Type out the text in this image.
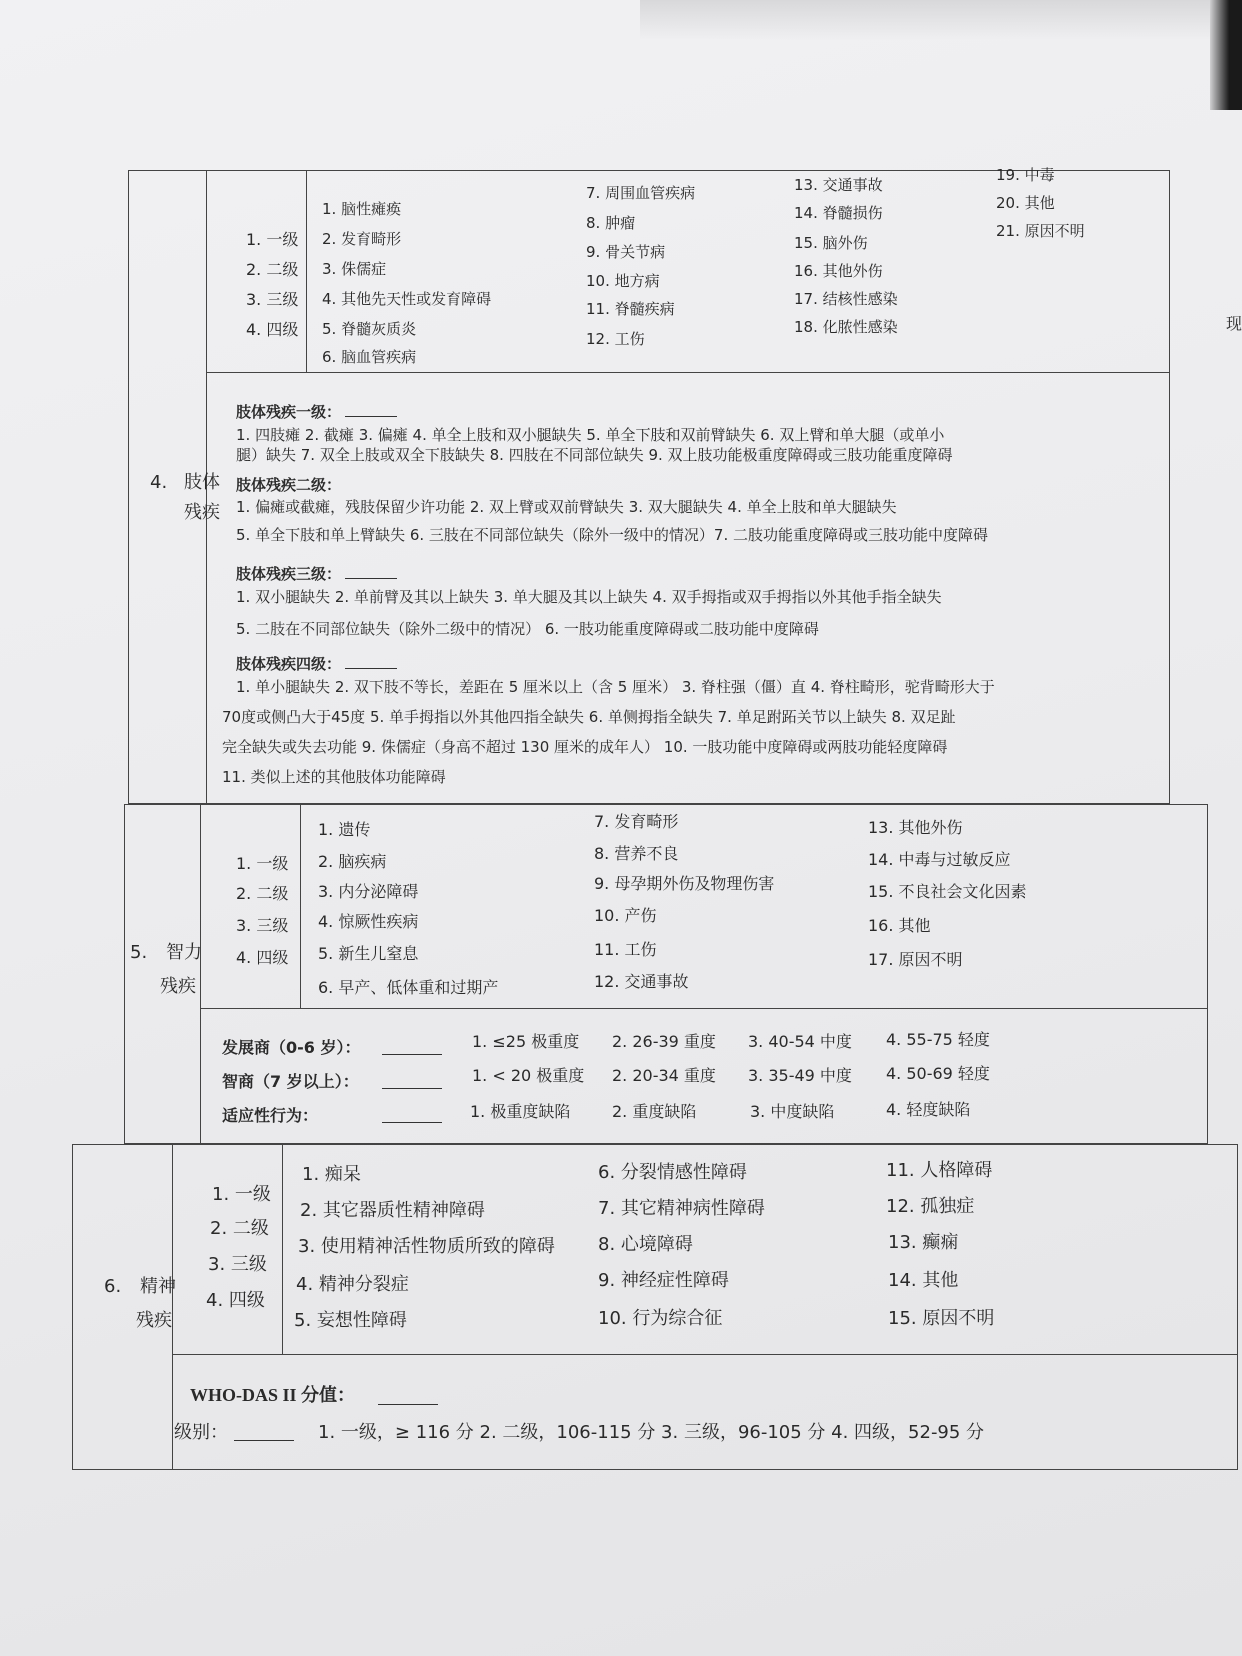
现
4. 肢体
残疾
1. 一级
2. 二级
3. 三级
4. 四级
1. 脑性瘫痪
2. 发育畸形
3. 侏儒症
4. 其他先天性或发育障碍
5. 脊髓灰质炎
6. 脑血管疾病
7. 周围血管疾病
8. 肿瘤
9. 骨关节病
10. 地方病
11. 脊髓疾病
12. 工伤
13. 交通事故
14. 脊髓损伤
15. 脑外伤
16. 其他外伤
17. 结核性感染
18. 化脓性感染
19. 中毒
20. 其他
21. 原因不明
肢体残疾一级：
1. 四肢瘫 2. 截瘫 3. 偏瘫 4. 单全上肢和双小腿缺失 5. 单全下肢和双前臂缺失 6. 双上臂和单大腿（或单小
腿）缺失 7. 双全上肢或双全下肢缺失 8. 四肢在不同部位缺失 9. 双上肢功能极重度障碍或三肢功能重度障碍
肢体残疾二级：
1. 偏瘫或截瘫，残肢保留少许功能 2. 双上臂或双前臂缺失 3. 双大腿缺失 4. 单全上肢和单大腿缺失
5. 单全下肢和单上臂缺失 6. 三肢在不同部位缺失（除外一级中的情况）7. 二肢功能重度障碍或三肢功能中度障碍
肢体残疾三级：
1. 双小腿缺失 2. 单前臂及其以上缺失 3. 单大腿及其以上缺失 4. 双手拇指或双手拇指以外其他手指全缺失
5. 二肢在不同部位缺失（除外二级中的情况） 6. 一肢功能重度障碍或二肢功能中度障碍
肢体残疾四级：
1. 单小腿缺失 2. 双下肢不等长，差距在 5 厘米以上（含 5 厘米） 3. 脊柱强（僵）直 4. 脊柱畸形，驼背畸形大于
70度或侧凸大于45度 5. 单手拇指以外其他四指全缺失 6. 单侧拇指全缺失 7. 单足跗跖关节以上缺失 8. 双足趾
完全缺失或失去功能 9. 侏儒症（身高不超过 130 厘米的成年人） 10. 一肢功能中度障碍或两肢功能轻度障碍
11. 类似上述的其他肢体功能障碍
5. 智力
残疾
1. 一级
2. 二级
3. 三级
4. 四级
1. 遗传
2. 脑疾病
3. 内分泌障碍
4. 惊厥性疾病
5. 新生儿窒息
6. 早产、低体重和过期产
7. 发育畸形
8. 营养不良
9. 母孕期外伤及物理伤害
10. 产伤
11. 工伤
12. 交通事故
13. 其他外伤
14. 中毒与过敏反应
15. 不良社会文化因素
16. 其他
17. 原因不明
发展商（0-6 岁）：	1. ≤25 极重度 2. 26-39 重度 3. 40-54 中度 4. 55-75 轻度
智商（7 岁以上）：	1. < 20 极重度 2. 20-34 重度 3. 35-49 中度 4. 50-69 轻度
适应性行为：	1. 极重度缺陷	2. 重度缺陷	3. 中度缺陷	4. 轻度缺陷
6. 精神
残疾
1. 一级
2. 二级
3. 三级
4. 四级
1. 痴呆
2. 其它器质性精神障碍
3. 使用精神活性物质所致的障碍
4. 精神分裂症
5. 妄想性障碍
6. 分裂情感性障碍
7. 其它精神病性障碍
8. 心境障碍
9. 神经症性障碍
10. 行为综合征
11. 人格障碍
12. 孤独症
13. 癫痫
14. 其他
15. 原因不明
WHO-DAS II 分值：
级别：	1. 一级，≥ 116 分 2. 二级，106-115 分 3. 三级，96-105 分 4. 四级，52-95 分
